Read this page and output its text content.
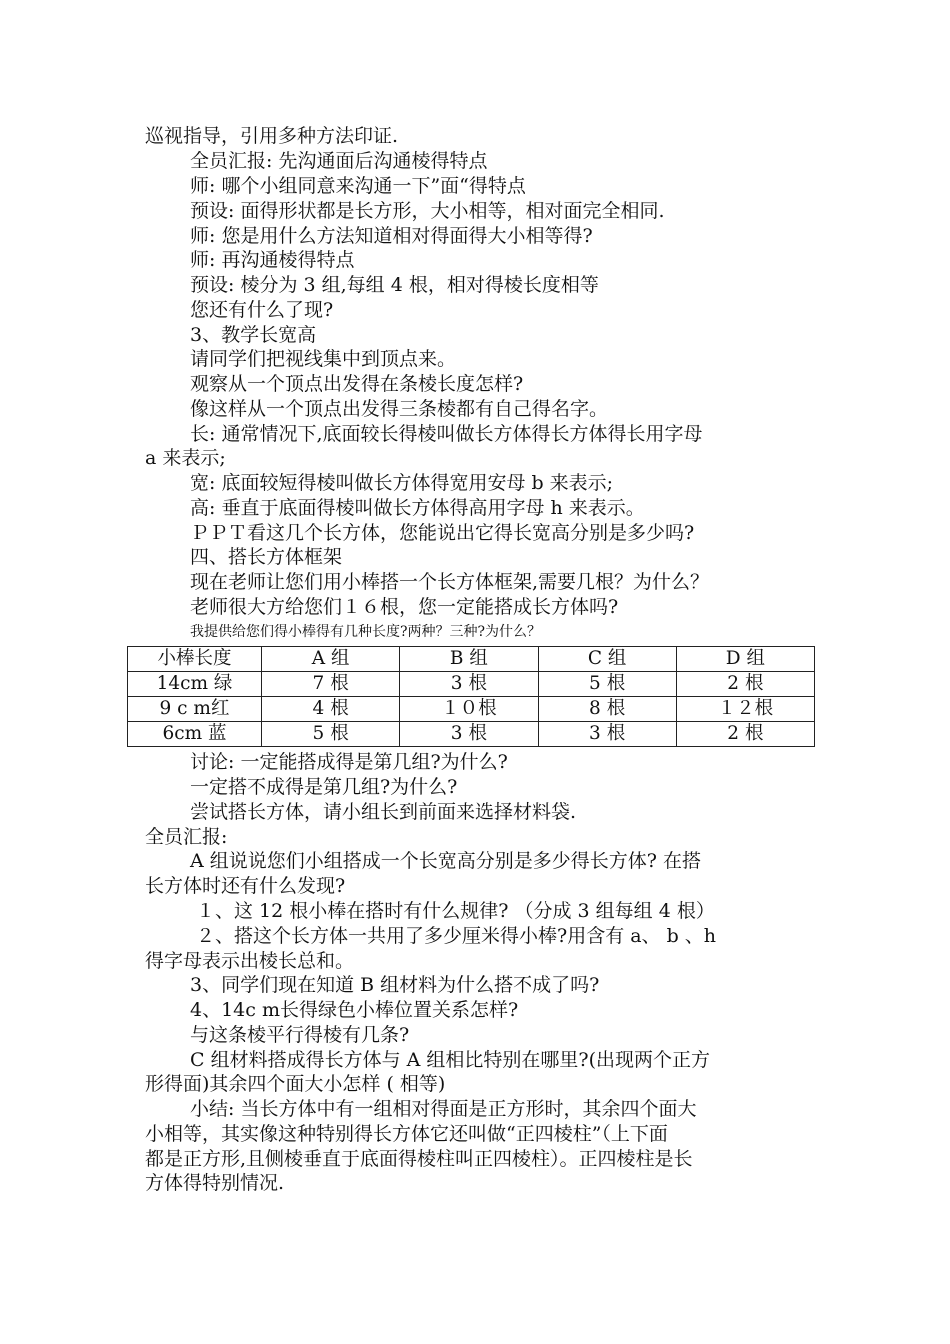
巡视指导，引用多种方法印证.
全员汇报: 先沟通面后沟通棱得特点
师: 哪个小组同意来沟通一下”面“得特点
预设: 面得形状都是长方形，大小相等，相对面完全相同.
师: 您是用什么方法知道相对得面得大小相等得?
师: 再沟通棱得特点
预设: 棱分为 3 组,每组 4 根，相对得棱长度相等
您还有什么了现?
3、教学长宽高
请同学们把视线集中到顶点来。
观察从一个顶点出发得在条棱长度怎样?
像这样从一个顶点出发得三条棱都有自己得名字。
长: 通常情况下,底面较长得棱叫做长方体得长方体得长用字母
a 来表示;
宽: 底面较短得棱叫做长方体得宽用安母 b 来表示;
高: 垂直于底面得棱叫做长方体得高用字母 h 来表示。
ＰＰＴ看这几个长方体，您能说出它得长宽高分别是多少吗?
四、搭长方体框架
现在老师让您们用小棒搭一个长方体框架,需要几根？为什么？
老师很大方给您们１６根，您一定能搭成长方体吗?
我提供给您们得小棒得有几种长度?两种？三种?为什么？
小棒长度	A 组	B 组	C 组	D 组
14cm 绿	7 根	3 根	5 根	2 根
9 c m红	4 根	１０根	8 根	１２根
6cm 蓝	5 根	3 根	3 根	2 根
讨论: 一定能搭成得是第几组?为什么?
一定搭不成得是第几组?为什么?
尝试搭长方体，请小组长到前面来选择材料袋.
全员汇报:
A 组说说您们小组搭成一个长宽高分别是多少得长方体? 在搭
长方体时还有什么发现?
１、这 12 根小棒在搭时有什么规律? （分成 3 组每组 4 根）
２、搭这个长方体一共用了多少厘米得小棒?用含有 a、 b 、h
得字母表示出棱长总和。
3、同学们现在知道 B 组材料为什么搭不成了吗?
4、14c m长得绿色小棒位置关系怎样?
与这条棱平行得棱有几条?
C 组材料搭成得长方体与 A 组相比特别在哪里?(出现两个正方
形得面)其余四个面大小怎样 ( 相等)
小结: 当长方体中有一组相对得面是正方形时，其余四个面大
小相等，其实像这种特别得长方体它还叫做“正四棱柱”（上下面
都是正方形,且侧棱垂直于底面得棱柱叫正四棱柱）。正四棱柱是长
方体得特别情况.
